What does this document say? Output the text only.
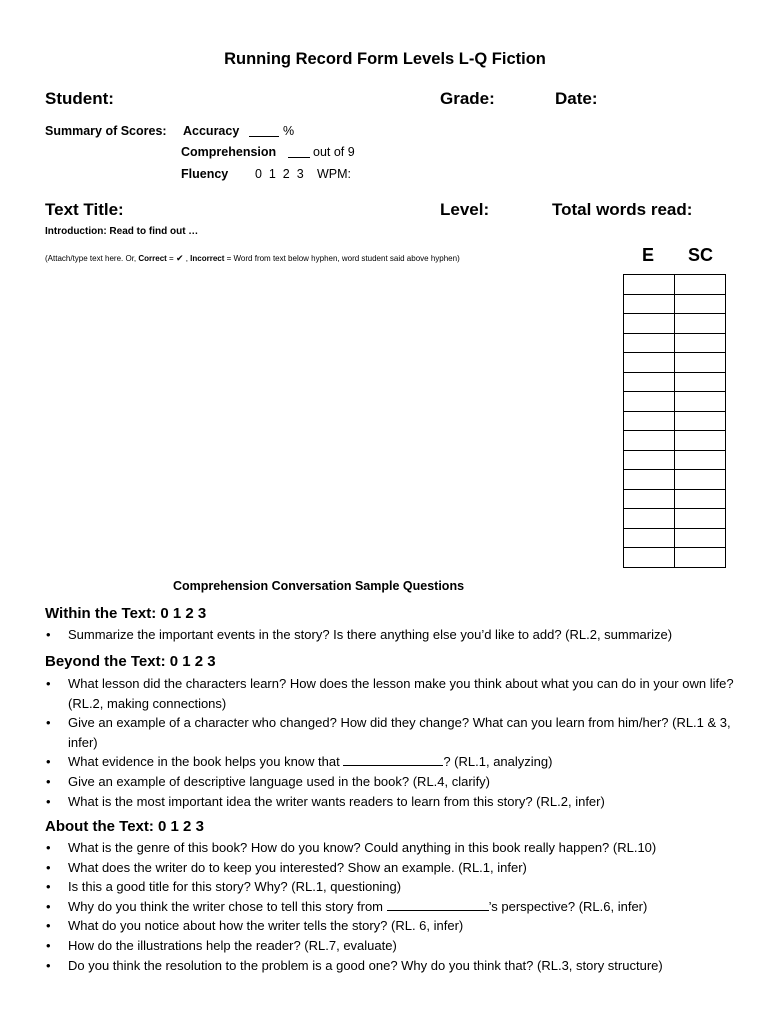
Running Record Form Levels L-Q Fiction
Student:	Grade:	Date:
Summary of Scores: Accuracy	%
Comprehension	out of 9
Fluency 0  1  2  3 WPM:
Text Title:	Level:	Total words read:
Introduction: Read to find out …
(Attach/type text here. Or, Correct = ✔ , Incorrect = Word from text below hyphen, word student said above hyphen)	E SC

Comprehension Conversation Sample Questions
Within the Text: 0 1 2 3
• Summarize the important events in the story? Is there anything else you’d like to add? (RL.2, summarize)
Beyond the Text: 0 1 2 3
• What lesson did the characters learn? How does the lesson make you think about what you can do in your own life? (RL.2, making connections)
• Give an example of a character who changed? How did they change? What can you learn from him/her? (RL.1 & 3, infer)
• What evidence in the book helps you know that	? (RL.1, analyzing)
• Give an example of descriptive language used in the book? (RL.4, clarify)
• What is the most important idea the writer wants readers to learn from this story? (RL.2, infer)
About the Text: 0 1 2 3
• What is the genre of this book? How do you know? Could anything in this book really happen? (RL.10)
• What does the writer do to keep you interested? Show an example. (RL.1, infer)
• Is this a good title for this story? Why? (RL.1, questioning)
• Why do you think the writer chose to tell this story from	’s perspective? (RL.6, infer)
• What do you notice about how the writer tells the story? (RL. 6, infer)
• How do the illustrations help the reader? (RL.7, evaluate)
• Do you think the resolution to the problem is a good one? Why do you think that? (RL.3, story structure)
